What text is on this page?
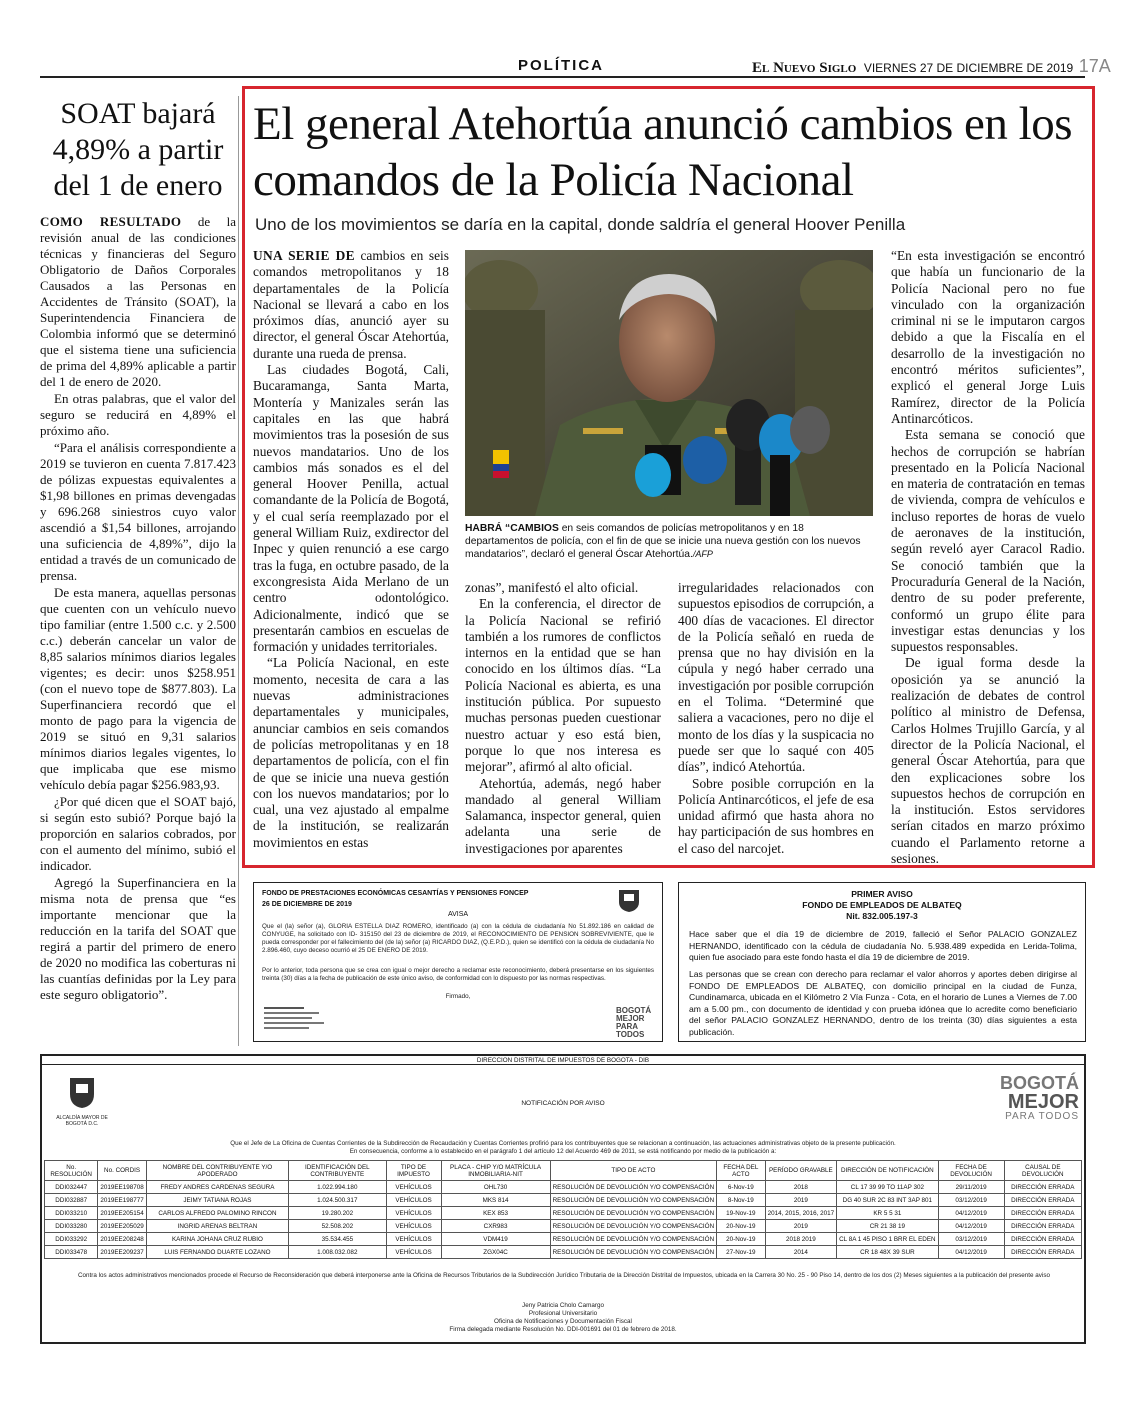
POLÍTICA	El Nuevo Siglo VIERNES 27 DE DICIEMBRE DE 2019 17A
SOAT bajará 4,89% a partir del 1 de enero

COMO RESULTADO de la revisión anual de las condiciones técnicas y financieras del Seguro Obligatorio de Daños Corporales Causados a las Personas en Accidentes de Tránsito (SOAT), la Superintendencia Financiera de Colombia informó que se determinó que el sistema tiene una suficiencia de prima del 4,89% aplicable a partir del 1 de enero de 2020.

En otras palabras, que el valor del seguro se reducirá en 4,89% el próximo año.

“Para el análisis correspondiente a 2019 se tuvieron en cuenta 7.817.423 de pólizas expuestas equivalentes a $1,98 billones en primas devengadas y 696.268 siniestros cuyo valor ascendió a $1,54 billones, arrojando una suficiencia de 4,89%”, dijo la entidad a través de un comunicado de prensa.

De esta manera, aquellas personas que cuenten con un vehículo nuevo tipo familiar (entre 1.500 c.c. y 2.500 c.c.) deberán cancelar un valor de 8,85 salarios mínimos diarios legales vigentes; es decir: unos $258.951 (con el nuevo tope de $877.803). La Superfinanciera recordó que el monto de pago para la vigencia de 2019 se situó en 9,31 salarios mínimos diarios legales vigentes, lo que implicaba que ese mismo vehículo debía pagar $256.983,93.

¿Por qué dicen que el SOAT bajó, si según esto subió? Porque bajó la proporción en salarios cobrados, por con el aumento del mínimo, subió el indicador.

Agregó la Superfinanciera en la misma nota de prensa que “es importante mencionar que la reducción en la tarifa del SOAT que regirá a partir del primero de enero de 2020 no modifica las coberturas ni las cuantías definidas por la Ley para este seguro obligatorio”.

El general Atehortúa anunció cambios en los comandos de la Policía Nacional
Uno de los movimientos se daría en la capital, donde saldría el general Hoover Penilla

UNA SERIE DE cambios en seis comandos metropolitanos y 18 departamentales de la Policía Nacional se llevará a cabo en los próximos días, anunció ayer su director, el general Óscar Atehortúa, durante una rueda de prensa.

Las ciudades Bogotá, Cali, Bucaramanga, Santa Marta, Montería y Manizales serán las capitales en las que habrá movimientos tras la posesión de sus nuevos mandatarios. Uno de los cambios más sonados es el del general Hoover Penilla, actual comandante de la Policía de Bogotá, y el cual sería reemplazado por el general William Ruiz, exdirector del Inpec y quien renunció a ese cargo tras la fuga, en octubre pasado, de la excongresista Aida Merlano de un centro odontológico. Adicionalmente, indicó que se presentarán cambios en escuelas de formación y unidades territoriales.

“La Policía Nacional, en este momento, necesita de cara a las nuevas administraciones departamentales y municipales, anunciar cambios en seis comandos de policías metropolitanas y en 18 departamentos de policía, con el fin de que se inicie una nueva gestión con los nuevos mandatarios; por lo cual, una vez ajustado al empalme de la institución, se realizarán movimientos en estas

HABRÁ “CAMBIOS en seis comandos de policías metropolitanos y en 18 departamentos de policía, con el fin de que se inicie una nueva gestión con los nuevos mandatarios”, declaró el general Óscar Atehortúa./AFP

zonas”, manifestó el alto oficial.

En la conferencia, el director de la Policía Nacional se refirió también a los rumores de conflictos internos en la entidad que se han conocido en los últimos días. “La Policía Nacional es abierta, es una institución pública. Por supuesto muchas personas pueden cuestionar nuestro actuar y eso está bien, porque lo que nos interesa es mejorar”, afirmó al alto oficial.

Atehortúa, además, negó haber mandado al general William Salamanca, inspector general, quien adelanta una serie de investigaciones por aparentes

irregularidades relacionados con supuestos episodios de corrupción, a 400 días de vacaciones. El director de la Policía señaló en rueda de prensa que no hay división en la cúpula y negó haber cerrado una investigación por posible corrupción en el Tolima. “Determiné que saliera a vacaciones, pero no dije el monto de los días y la suspicacia no puede ser que lo saqué con 405 días”, indicó Atehortúa.

Sobre posible corrupción en la Policía Antinarcóticos, el jefe de esa unidad afirmó que hasta ahora no hay participación de sus hombres en el caso del narcojet.

“En esta investigación se encontró que había un funcionario de la Policía Nacional pero no fue vinculado con la organización criminal ni se le imputaron cargos debido a que la Fiscalía en el desarrollo de la investigación no encontró méritos suficientes”, explicó el general Jorge Luis Ramírez, director de la Policía Antinarcóticos.

Esta semana se conoció que hechos de corrupción se habrían presentado en la Policía Nacional en materia de contratación en temas de vivienda, compra de vehículos e incluso reportes de horas de vuelo de aeronaves de la institución, según reveló ayer Caracol Radio. Se conoció también que la Procuraduría General de la Nación, dentro de su poder preferente, conformó un grupo élite para investigar estas denuncias y los supuestos responsables.

De igual forma desde la oposición ya se anunció la realización de debates de control político al ministro de Defensa, Carlos Holmes Trujillo García, y al director de la Policía Nacional, el general Óscar Atehortúa, para que den explicaciones sobre los supuestos hechos de corrupción en la institución. Estos servidores serían citados en marzo próximo cuando el Parlamento retorne a sesiones.

FONDO DE PRESTACIONES ECONÓMICAS CESANTÍAS Y PENSIONES FONCEP
26 DE DICIEMBRE DE 2019
AVISA
Que el (la) señor (a), GLORIA ESTELLA DIAZ ROMERO, identificado (a) con la cédula de ciudadanía No 51.892.186 en calidad de CONYUGE, ha solicitado con ID- 315150 del 23 de diciembre de 2019, el RECONOCIMIENTO DE PENSION SOBREVIVIENTE, que le pueda corresponder por el fallecimiento del (de la) señor (a) RICARDO DIAZ, (Q.E.P.D.), quien se identificó con la cédula de ciudadanía No 2.896.460, cuyo deceso ocurrió el 25 DE ENERO DE 2019.
Por lo anterior, toda persona que se crea con igual o mejor derecho a reclamar este reconocimiento, deberá presentarse en los siguientes treinta (30) días a la fecha de publicación de este único aviso, de conformidad con lo dispuesto por las normas respectivas.
Firmado,
BOGOTÁ MEJOR PARA TODOS
PRIMER AVISO
FONDO DE EMPLEADOS DE ALBATEQ
Nit. 832.005.197-3
Hace saber que el día 19 de diciembre de 2019, falleció el Señor PALACIO GONZALEZ HERNANDO, identificado con la cédula de ciudadanía No. 5.938.489 expedida en Lerida-Tolima, quien fue asociado para este fondo hasta el día 19 de diciembre de 2019.
Las personas que se crean con derecho para reclamar el valor ahorros y aportes deben dirigirse al FONDO DE EMPLEADOS DE ALBATEQ, con domicilio principal en la ciudad de Funza, Cundinamarca, ubicada en el Kilómetro 2 Vía Funza - Cota, en el horario de Lunes a Viernes de 7.00 am a 5.00 pm., con documento de identidad y con prueba idónea que lo acredite como beneficiario del señor PALACIO GONZALEZ HERNANDO, dentro de los treinta (30) días siguientes a esta publicación.
DIRECCION DISTRITAL DE IMPUESTOS DE BOGOTA - DIB
ALCALDÍA MAYOR DE BOGOTÁ D.C.
NOTIFICACIÓN POR AVISO
BOGOTÁ
MEJOR
PARA TODOS
Que el Jefe de La Oficina de Cuentas Corrientes de la Subdirección de Recaudación y Cuentas Corrientes profirió para los contribuyentes que se relacionan a continuación, las actuaciones administrativas objeto de la presente publicación.
En consecuencia, conforme a lo establecido en el parágrafo 1 del artículo 12 del Acuerdo 469 de 2011, se está notificando por medio de la publicación a:
No. RESOLUCIÓN	No. CORDIS	NOMBRE DEL CONTRIBUYENTE Y/O APODERADO	IDENTIFICACIÓN DEL CONTRIBUYENTE	TIPO DE IMPUESTO	PLACA - CHIP Y/O MATRÍCULA INMOBILIARIA-NIT	TIPO DE ACTO	FECHA DEL ACTO	PERÍODO GRAVABLE	DIRECCIÓN DE NOTIFICACIÓN	FECHA DE DEVOLUCIÓN	CAUSAL DE DEVOLUCIÓN
DDI032447	2019EE198708	FREDY ANDRES CARDENAS SEGURA	1.022.994.180	VEHÍCULOS	OHL730	RESOLUCIÓN DE DEVOLUCIÓN Y/O COMPENSACIÓN	6-Nov-19	2018	CL 17 39 99 TO 11AP 302	29/11/2019	DIRECCIÓN ERRADA
DDI032887	2019EE198777	JEIMY TATIANA ROJAS	1.024.500.317	VEHÍCULOS	MKS 814	RESOLUCIÓN DE DEVOLUCIÓN Y/O COMPENSACIÓN	8-Nov-19	2019	DG 40 SUR 2C 83 INT 3AP 801	03/12/2019	DIRECCIÓN ERRADA
DDI033210	2019EE205154	CARLOS ALFREDO PALOMINO RINCON	19.280.202	VEHÍCULOS	KEX 853	RESOLUCIÓN DE DEVOLUCIÓN Y/O COMPENSACIÓN	19-Nov-19	2014, 2015, 2016, 2017	KR 5 5 31	04/12/2019	DIRECCIÓN ERRADA
DDI033280	2019EE205029	INGRID ARENAS BELTRAN	52.508.202	VEHÍCULOS	CXR983	RESOLUCIÓN DE DEVOLUCIÓN Y/O COMPENSACIÓN	20-Nov-19	2019	CR 21 38 19	04/12/2019	DIRECCIÓN ERRADA
DDI033292	2019EE208248	KARINA JOHANA CRUZ RUBIO	35.534.455	VEHÍCULOS	VDM419	RESOLUCIÓN DE DEVOLUCIÓN Y/O COMPENSACIÓN	20-Nov-19	2018 2019	CL 8A 1 45 PISO 1 BRR EL EDEN	03/12/2019	DIRECCIÓN ERRADA
DDI033478	2019EE209237	LUIS FERNANDO DUARTE LOZANO	1.008.032.082	VEHÍCULOS	ZGX04C	RESOLUCIÓN DE DEVOLUCIÓN Y/O COMPENSACIÓN	27-Nov-19	2014	CR 18 48X 39 SUR	04/12/2019	DIRECCIÓN ERRADA
Contra los actos administrativos mencionados procede el Recurso de Reconsideración que deberá interponerse ante la Oficina de Recursos Tributarios de la Subdirección Jurídico Tributaria de la Dirección Distrital de Impuestos, ubicada en la Carrera 30 No. 25 - 90 Piso 14, dentro de los dos (2) Meses siguientes a la publicación del presente aviso
Jeny Patricia Cholo Camargo
Profesional Universitario
Oficina de Notificaciones y Documentación Fiscal
Firma delegada mediante Resolución No. DDI-001691 del 01 de febrero de 2018.
